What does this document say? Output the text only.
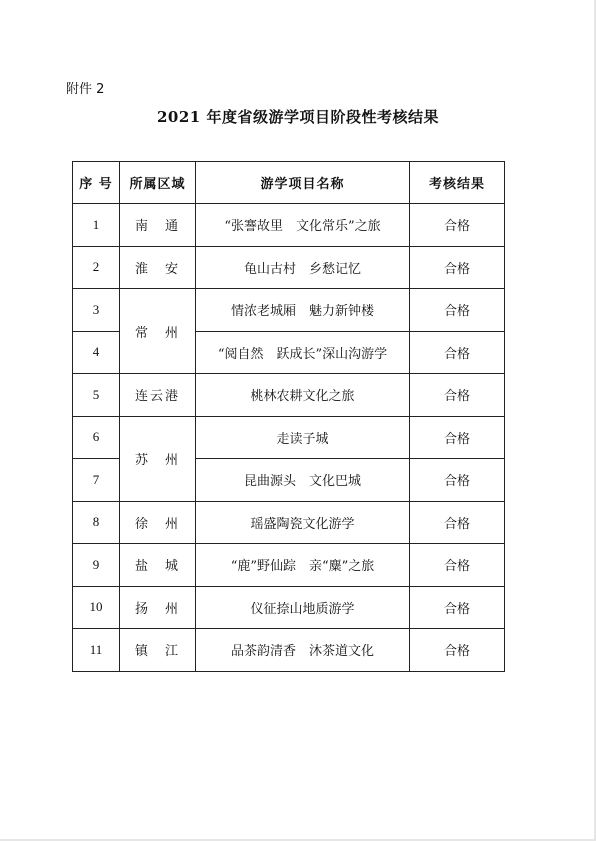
附件 2
2021 年度省级游学项目阶段性考核结果
序 号	所属区域	游学项目名称	考核结果
1	南　通	“张謇故里　文化常乐”之旅	合格
2	淮　安	龟山古村　乡愁记忆	合格
3	常　州	情浓老城厢　魅力新钟楼	合格
4		“阅自然　跃成长”深山沟游学	合格
5	连云港	桃林农耕文化之旅	合格
6	苏　州	走读子城	合格
7		昆曲源头　文化巴城	合格
8	徐　州	瑶盛陶瓷文化游学	合格
9	盐　城	“鹿”野仙踪　亲“麋”之旅	合格
10	扬　州	仪征捺山地质游学	合格
11	镇　江	品茶韵清香　沐茶道文化	合格
